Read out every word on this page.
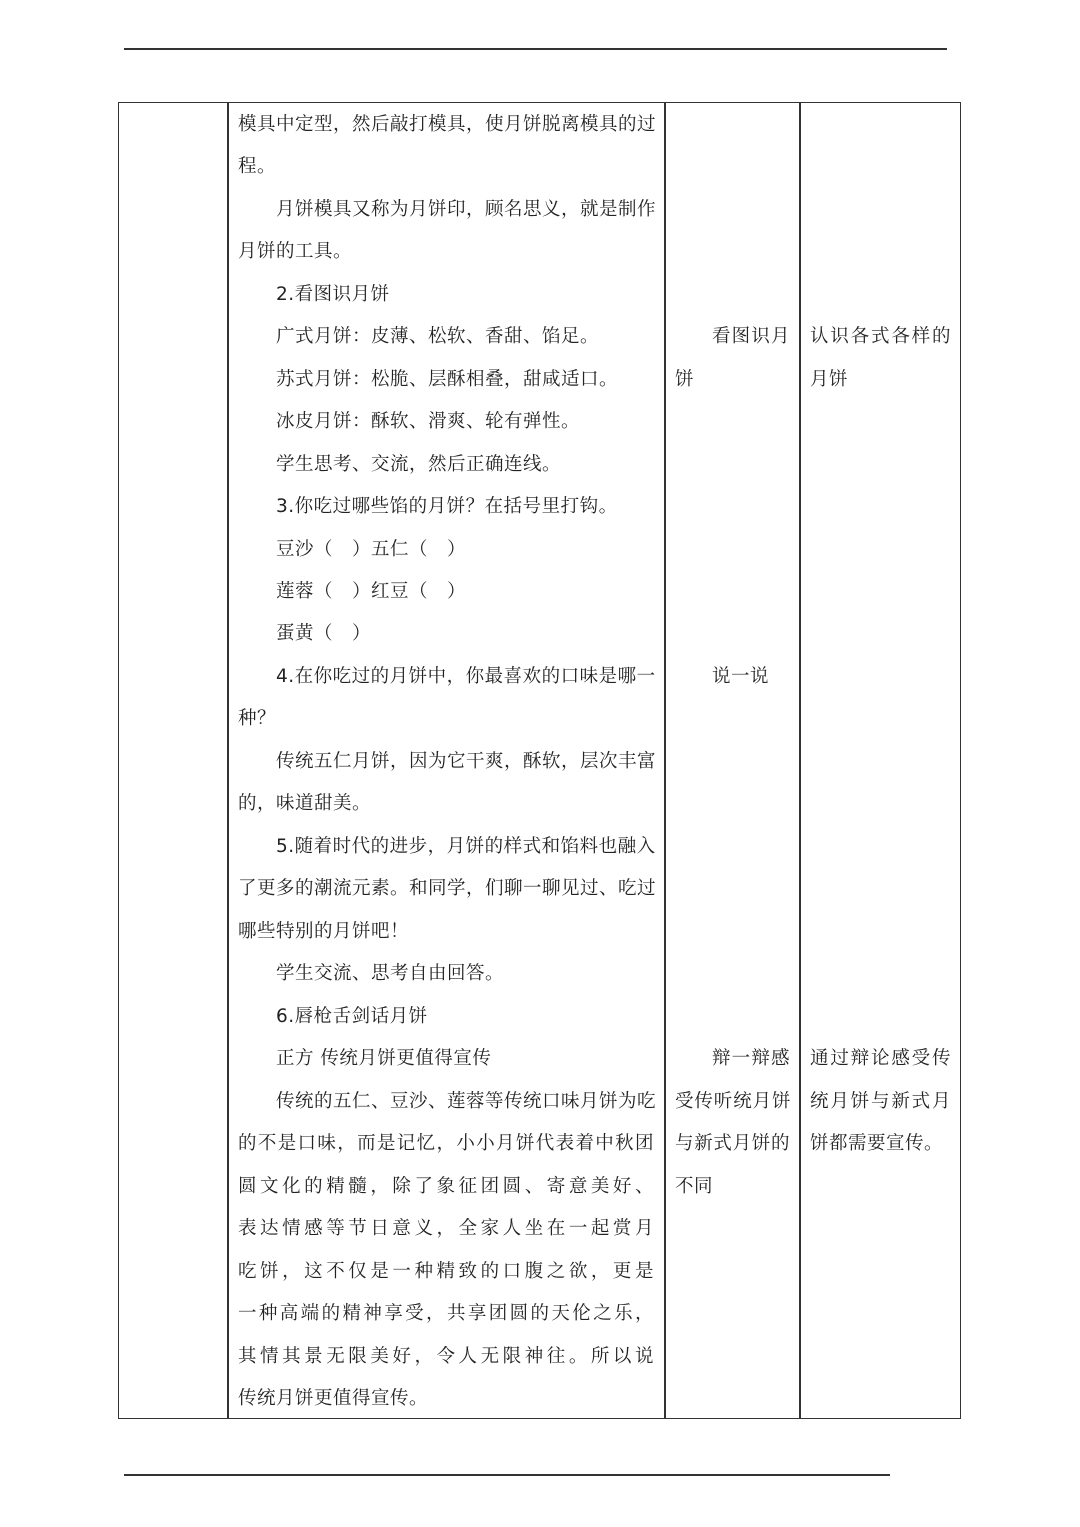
模具中定型，然后敲打模具，使月饼脱离模具的过
程。
月饼模具又称为月饼印，顾名思义，就是制作
月饼的工具。
2.看图识月饼
广式月饼：皮薄、松软、香甜、馅足。
苏式月饼：松脆、层酥相叠，甜咸适口。
冰皮月饼：酥软、滑爽、轮有弹性。
学生思考、交流，然后正确连线。
3.你吃过哪些馅的月饼？在括号里打钩。
豆沙（　）五仁（　）
莲蓉（　）红豆（　）
蛋黄（　）
4.在你吃过的月饼中，你最喜欢的口味是哪一
种？
传统五仁月饼，因为它干爽，酥软，层次丰富
的，味道甜美。
5.随着时代的进步，月饼的样式和馅料也融入
了更多的潮流元素。和同学，们聊一聊见过、吃过
哪些特别的月饼吧！
学生交流、思考自由回答。
6.唇枪舌剑话月饼
正方 传统月饼更值得宣传
传统的五仁、豆沙、莲蓉等传统口味月饼为吃
的不是口味，而是记忆，小小月饼代表着中秋团
圆文化的精髓，除了象征团圆、寄意美好、
表达情感等节日意义，全家人坐在一起赏月
吃饼，这不仅是一种精致的口腹之欲，更是
一种高端的精神享受，共享团圆的天伦之乐，
其情其景无限美好，令人无限神往。所以说
传统月饼更值得宣传。
看图识月
饼
说一说
辩一辩感
受传听统月饼
与新式月饼的
不同
认识各式各样的
月饼
通过辩论感受传
统月饼与新式月
饼都需要宣传。
